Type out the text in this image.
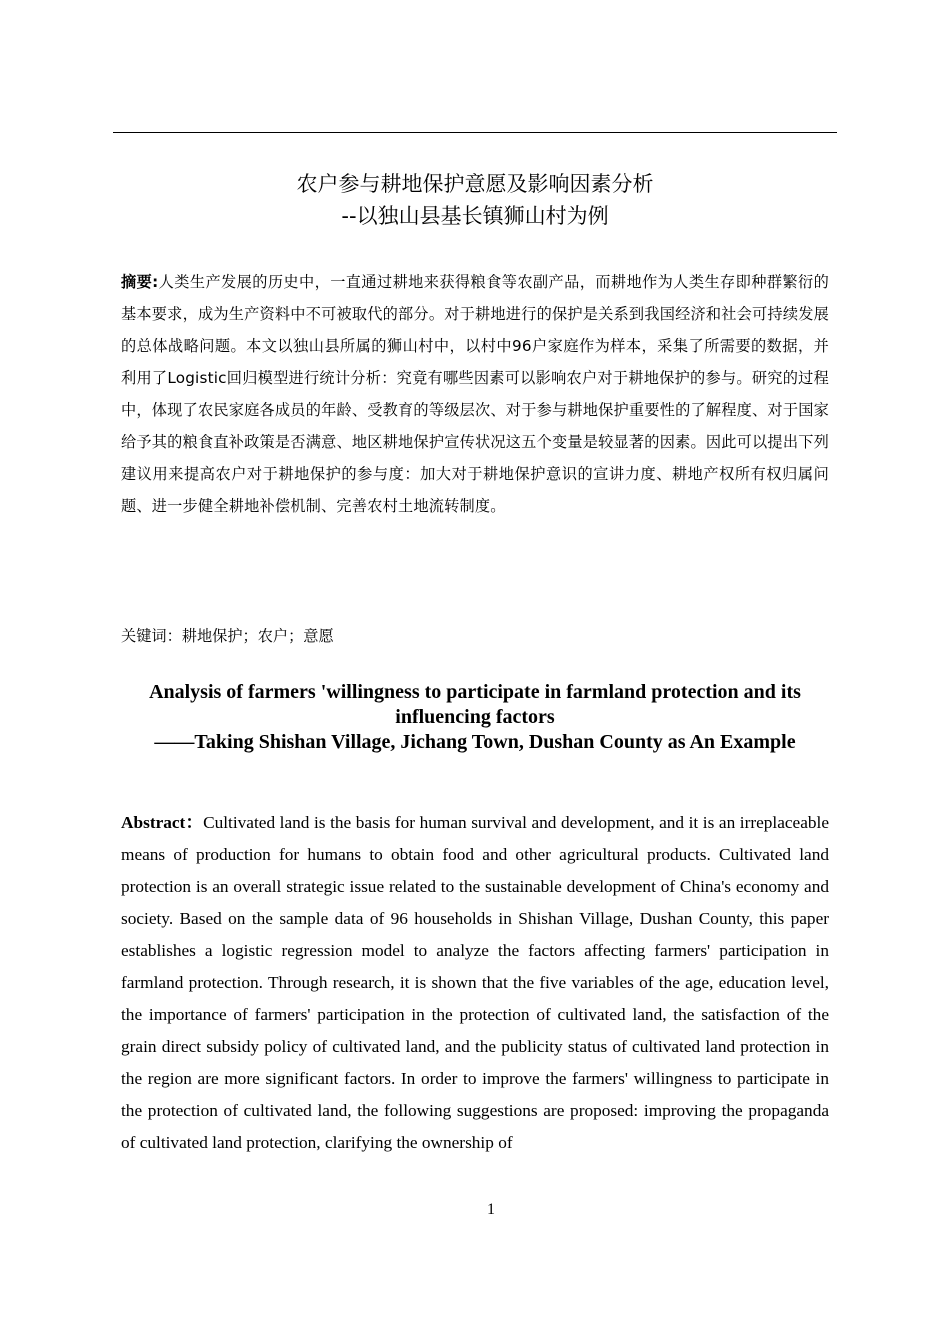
农户参与耕地保护意愿及影响因素分析
--以独山县基长镇狮山村为例
摘要:人类生产发展的历史中，一直通过耕地来获得粮食等农副产品，而耕地作为人类生存即种群繁衍的基本要求，成为生产资料中不可被取代的部分。对于耕地进行的保护是关系到我国经济和社会可持续发展的总体战略问题。本文以独山县所属的狮山村中，以村中96户家庭作为样本，采集了所需要的数据，并利用了Logistic回归模型进行统计分析：究竟有哪些因素可以影响农户对于耕地保护的参与。研究的过程中，体现了农民家庭各成员的年龄、受教育的等级层次、对于参与耕地保护重要性的了解程度、对于国家给予其的粮食直补政策是否满意、地区耕地保护宣传状况这五个变量是较显著的因素。因此可以提出下列建议用来提高农户对于耕地保护的参与度：加大对于耕地保护意识的宣讲力度、耕地产权所有权归属问题、进一步健全耕地补偿机制、完善农村土地流转制度。
关键词：耕地保护；农户；意愿
Analysis of farmers 'willingness to participate in farmland protection and its influencing factors
——Taking Shishan Village, Jichang Town, Dushan County as An Example
Abstract：Cultivated land is the basis for human survival and development, and it is an irreplaceable means of production for humans to obtain food and other agricultural products. Cultivated land protection is an overall strategic issue related to the sustainable development of China's economy and society. Based on the sample data of 96 households in Shishan Village, Dushan County, this paper establishes a logistic regression model to analyze the factors affecting farmers' participation in farmland protection. Through research, it is shown that the five variables of the age, education level, the importance of farmers' participation in the protection of cultivated land, the satisfaction of the grain direct subsidy policy of cultivated land, and the publicity status of cultivated land protection in the region are more significant factors. In order to improve the farmers' willingness to participate in the protection of cultivated land, the following suggestions are proposed: improving the propaganda of cultivated land protection, clarifying the ownership of
1
